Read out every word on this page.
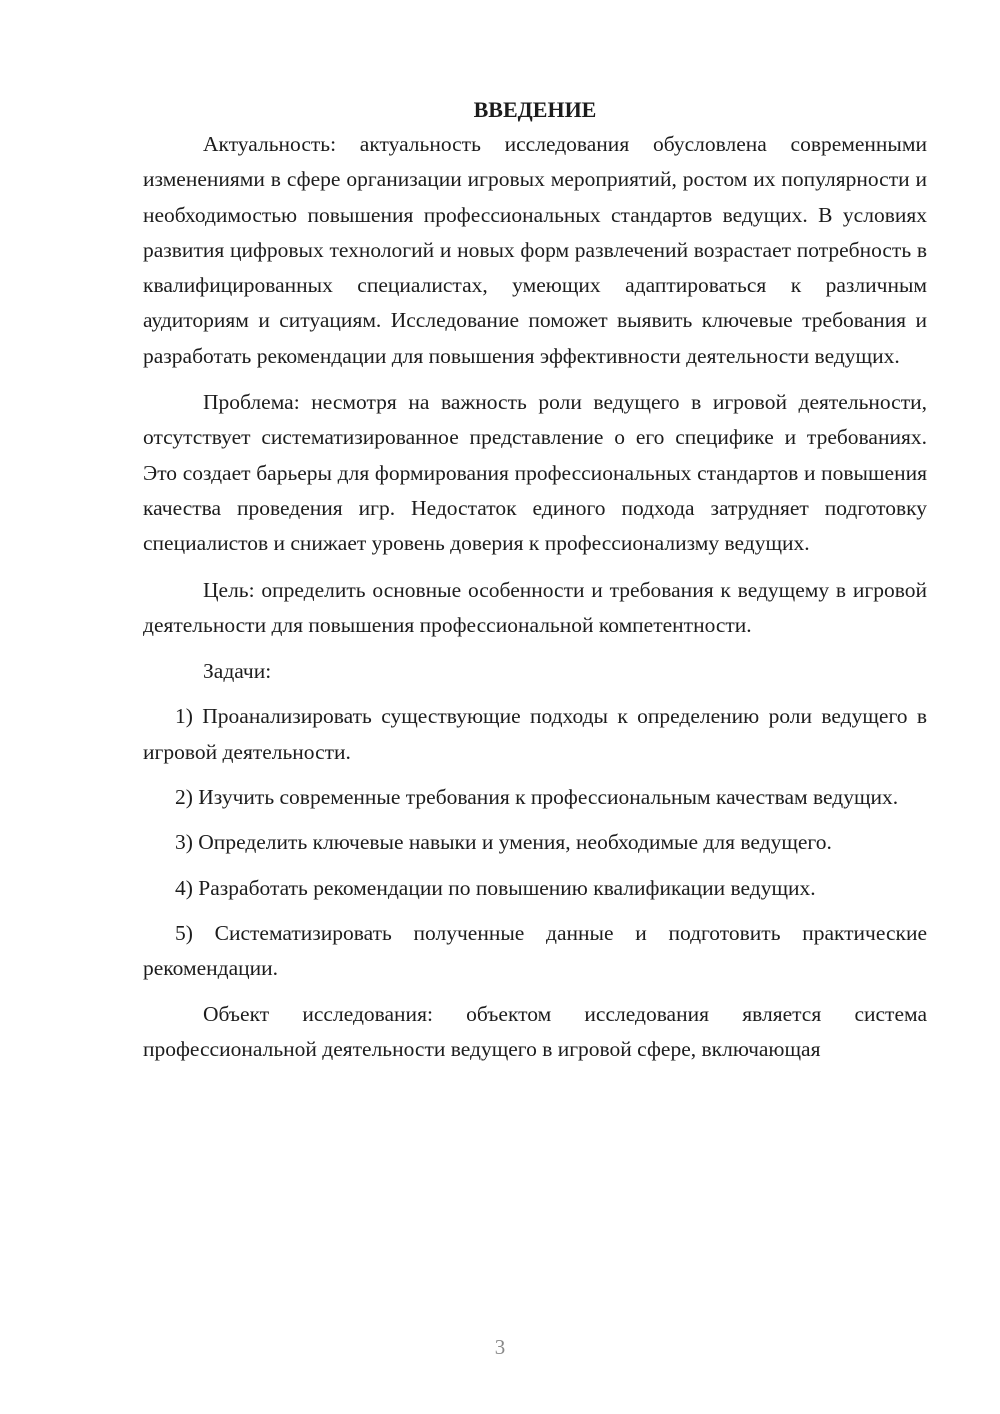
ВВЕДЕНИЕ

Актуальность: актуальность исследования обусловлена современными изменениями в сфере организации игровых мероприятий, ростом их популярности и необходимостью повышения профессиональных стандартов ведущих. В условиях развития цифровых технологий и новых форм развлечений возрастает потребность в квалифицированных специалистах, умеющих адаптироваться к различным аудиториям и ситуациям. Исследование поможет выявить ключевые требования и разработать рекомендации для повышения эффективности деятельности ведущих.

Проблема: несмотря на важность роли ведущего в игровой деятельности, отсутствует систематизированное представление о его специфике и требованиях. Это создает барьеры для формирования профессиональных стандартов и повышения качества проведения игр. Недостаток единого подхода затрудняет подготовку специалистов и снижает уровень доверия к профессионализму ведущих.

Цель: определить основные особенности и требования к ведущему в игровой деятельности для повышения профессиональной компетентности.

Задачи:

1) Проанализировать существующие подходы к определению роли ведущего в игровой деятельности.

2) Изучить современные требования к профессиональным качествам ведущих.

3) Определить ключевые навыки и умения, необходимые для ведущего.

4) Разработать рекомендации по повышению квалификации ведущих.

5) Систематизировать полученные данные и подготовить практические рекомендации.

Объект исследования: объектом исследования является система профессиональной деятельности ведущего в игровой сфере, включающая

3
